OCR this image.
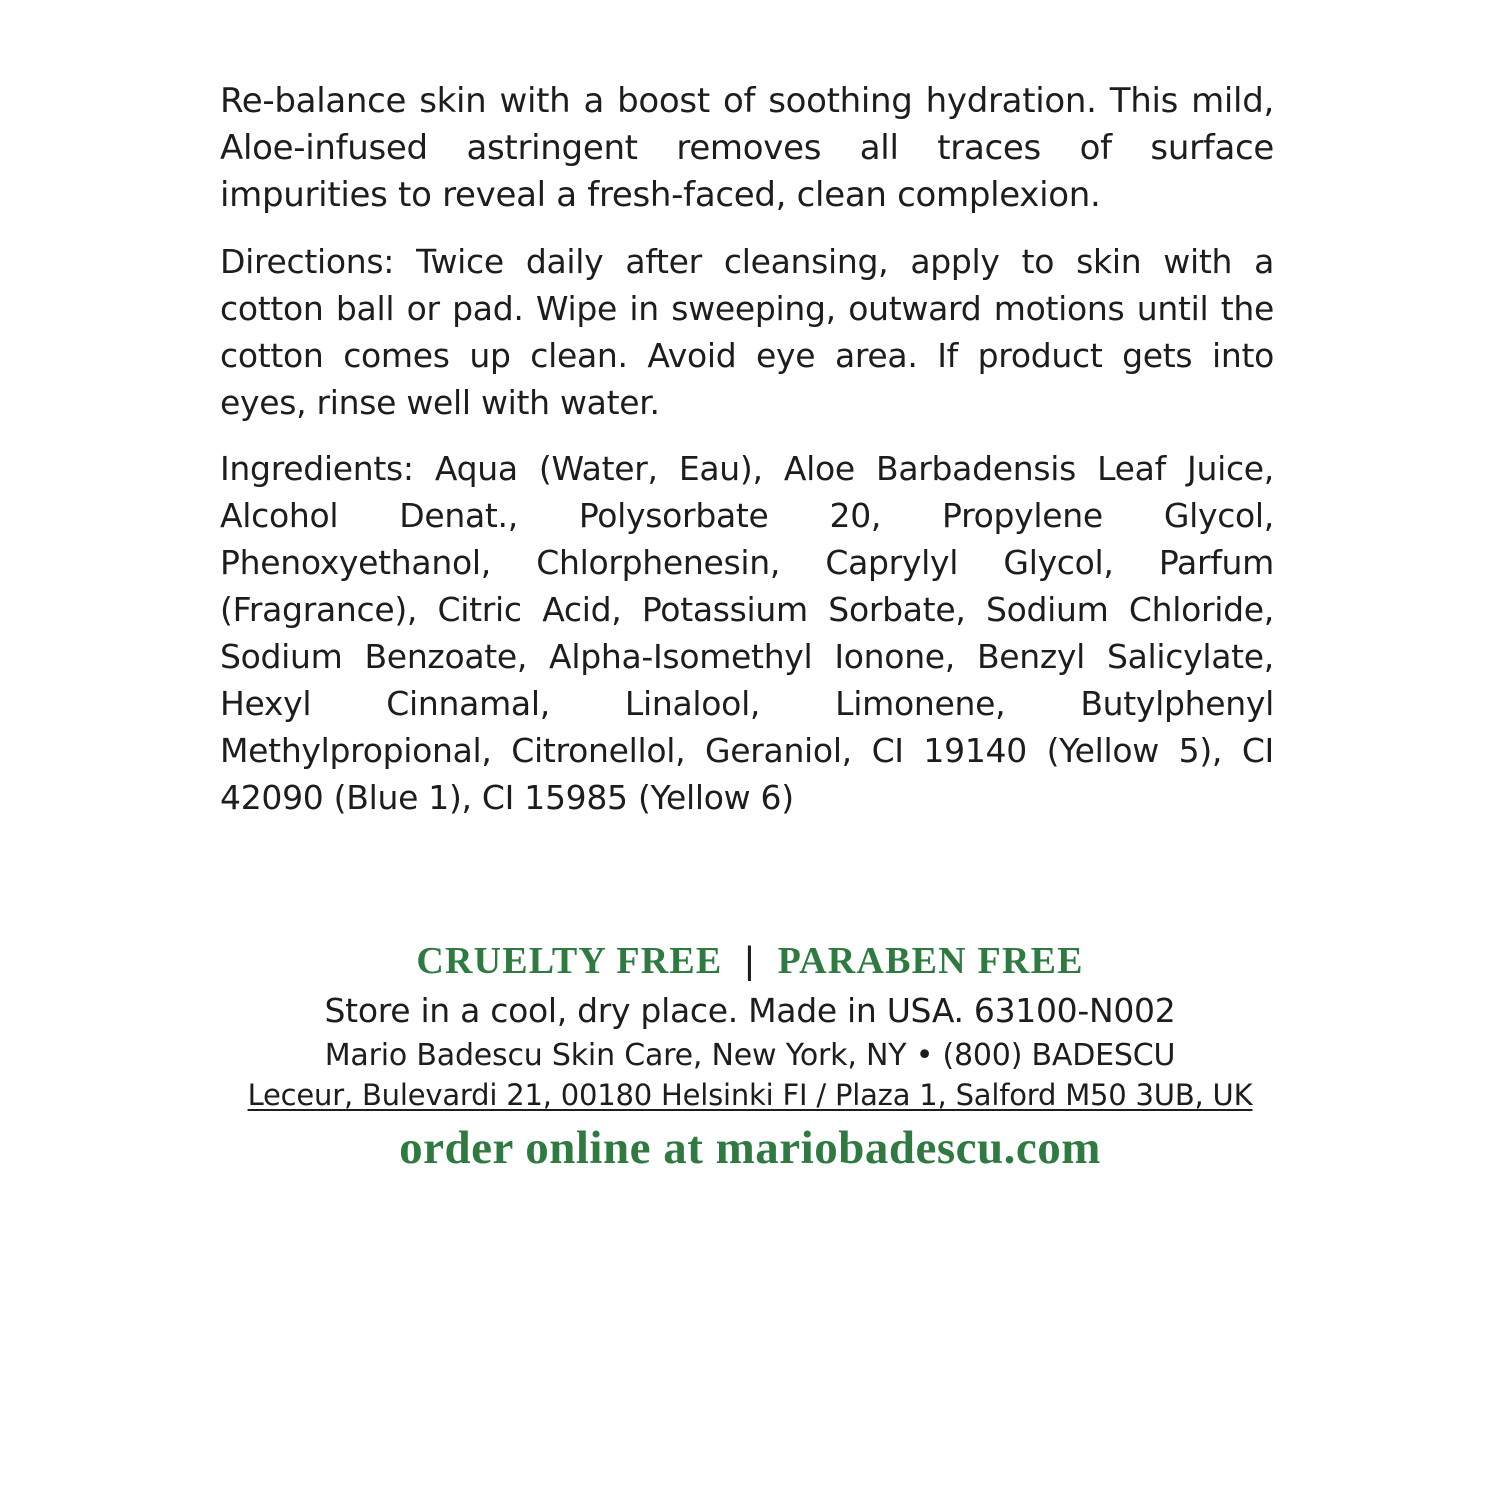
Re-balance skin with a boost of soothing hydration. This mild, Aloe-infused astringent removes all traces of surface impurities to reveal a fresh-faced, clean complexion.

Directions: Twice daily after cleansing, apply to skin with a cotton ball or pad. Wipe in sweeping, outward motions until the cotton comes up clean. Avoid eye area. If product gets into eyes, rinse well with water.

Ingredients: Aqua (Water, Eau), Aloe Barbadensis Leaf Juice, Alcohol Denat., Polysorbate 20, Propylene Glycol, Phenoxyethanol, Chlorphenesin, Caprylyl Glycol, Parfum (Fragrance), Citric Acid, Potassium Sorbate, Sodium Chloride, Sodium Benzoate, Alpha-Isomethyl Ionone, Benzyl Salicylate, Hexyl Cinnamal, Linalool, Limonene, Butylphenyl Methylpropional, Citronellol, Geraniol, CI 19140 (Yellow 5), CI 42090 (Blue 1), CI 15985 (Yellow 6)

CRUELTY FREE | PARABEN FREE
Store in a cool, dry place. Made in USA. 63100-N002
Mario Badescu Skin Care, New York, NY • (800) BADESCU
Leceur, Bulevardi 21, 00180 Helsinki FI / Plaza 1, Salford M50 3UB, UK
order online at mariobadescu.com
